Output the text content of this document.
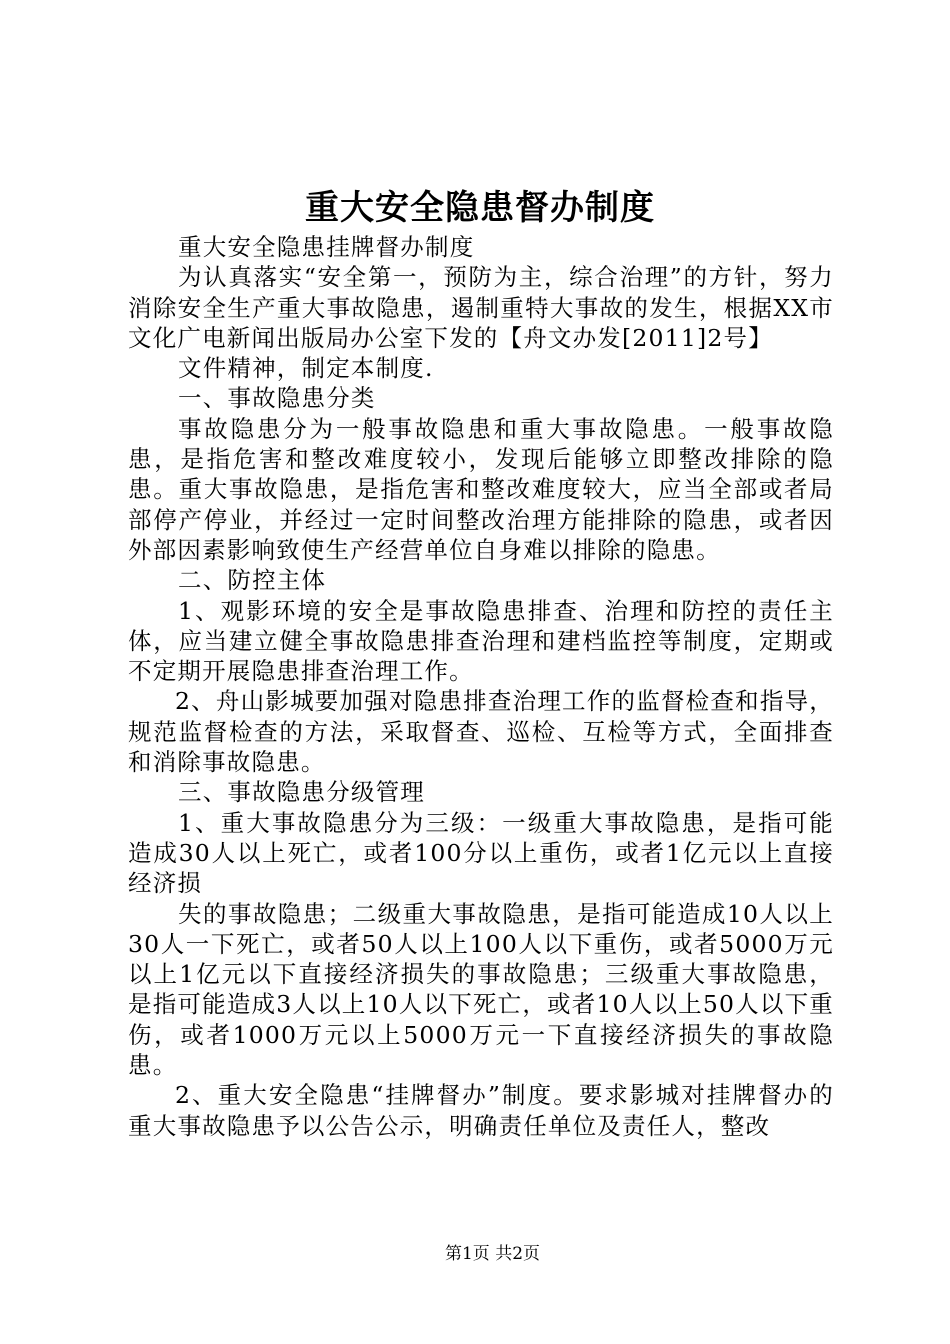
重大安全隐患督办制度

重大安全隐患挂牌督办制度

为认真落实“安全第一，预防为主，综合治理”的方针，努力消除安全生产重大事故隐患，遏制重特大事故的发生，根据XX市文化广电新闻出版局办公室下发的【舟文办发[2011]2号】

文件精神，制定本制度.

一、事故隐患分类

事故隐患分为一般事故隐患和重大事故隐患。一般事故隐患，是指危害和整改难度较小，发现后能够立即整改排除的隐患。重大事故隐患，是指危害和整改难度较大，应当全部或者局部停产停业，并经过一定时间整改治理方能排除的隐患，或者因外部因素影响致使生产经营单位自身难以排除的隐患。

二、防控主体

1、观影环境的安全是事故隐患排查、治理和防控的责任主体，应当建立健全事故隐患排查治理和建档监控等制度，定期或不定期开展隐患排查治理工作。

2、舟山影城要加强对隐患排查治理工作的监督检查和指导，规范监督检查的方法，采取督查、巡检、互检等方式，全面排查和消除事故隐患。

三、事故隐患分级管理

1、重大事故隐患分为三级：一级重大事故隐患，是指可能造成30人以上死亡，或者100分以上重伤，或者1亿元以上直接经济损

失的事故隐患；二级重大事故隐患，是指可能造成10人以上30人一下死亡，或者50人以上100人以下重伤，或者5000万元以上1亿元以下直接经济损失的事故隐患；三级重大事故隐患，是指可能造成3人以上10人以下死亡，或者10人以上50人以下重伤，或者1000万元以上5000万元一下直接经济损失的事故隐患。

2、重大安全隐患“挂牌督办”制度。要求影城对挂牌督办的重大事故隐患予以公告公示，明确责任单位及责任人，整改

第1页 共2页
